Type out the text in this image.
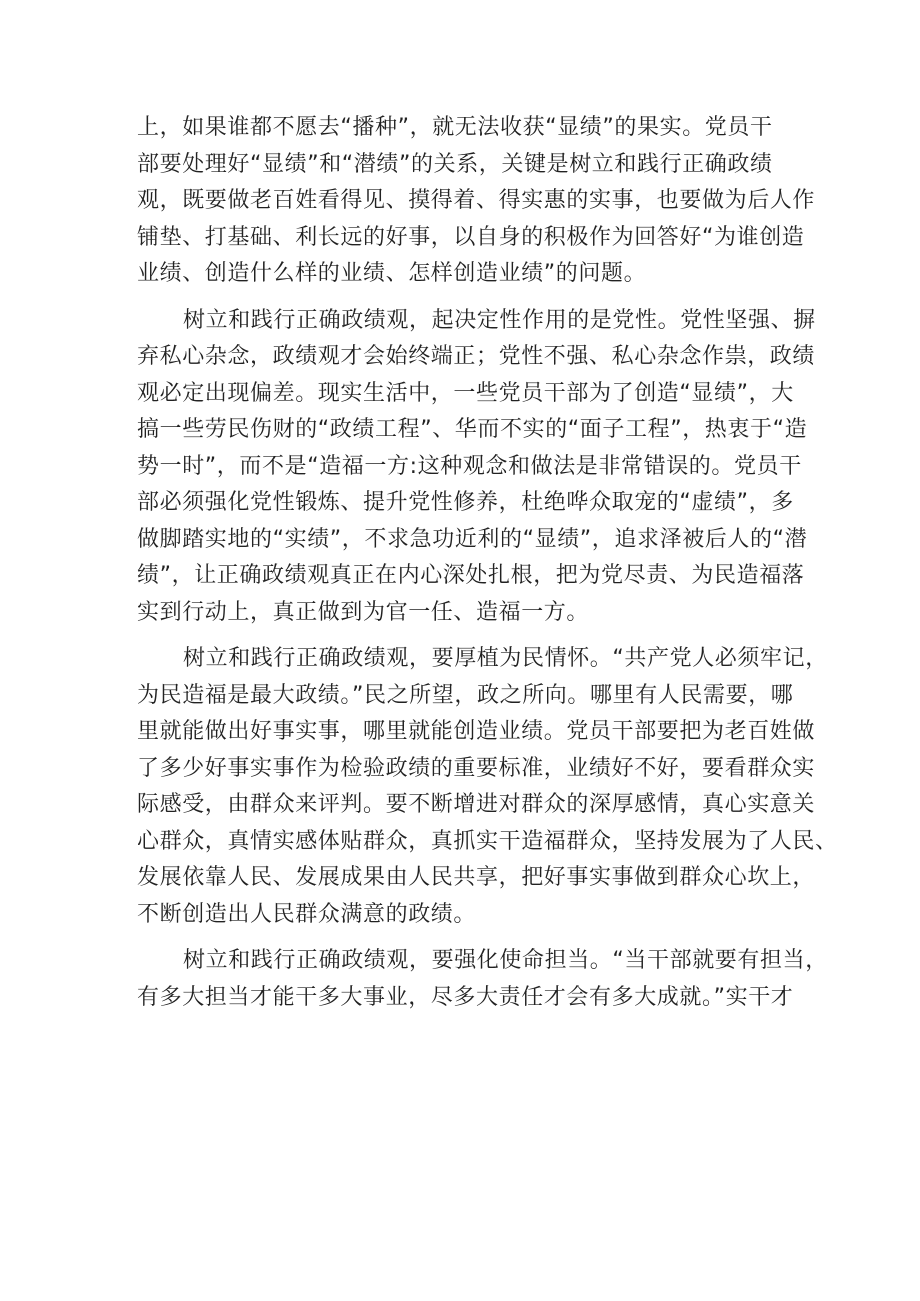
上，如果谁都不愿去“播种”，就无法收获“显绩”的果实。党员干
部要处理好“显绩”和“潜绩”的关系，关键是树立和践行正确政绩
观，既要做老百姓看得见、摸得着、得实惠的实事，也要做为后人作
铺垫、打基础、利长远的好事，以自身的积极作为回答好“为谁创造
业绩、创造什么样的业绩、怎样创造业绩”的问题。
树立和践行正确政绩观，起决定性作用的是党性。党性坚强、摒
弃私心杂念，政绩观才会始终端正；党性不强、私心杂念作祟，政绩
观必定出现偏差。现实生活中，一些党员干部为了创造“显绩”，大
搞一些劳民伤财的“政绩工程”、华而不实的“面子工程”，热衷于“造
势一时”，而不是“造福一方:这种观念和做法是非常错误的。党员干
部必须强化党性锻炼、提升党性修养，杜绝哗众取宠的“虚绩”，多
做脚踏实地的“实绩”，不求急功近利的“显绩”，追求泽被后人的“潜
绩”，让正确政绩观真正在内心深处扎根，把为党尽责、为民造福落
实到行动上，真正做到为官一任、造福一方。
树立和践行正确政绩观，要厚植为民情怀。“共产党人必须牢记，
为民造福是最大政绩。”民之所望，政之所向。哪里有人民需要，哪
里就能做出好事实事，哪里就能创造业绩。党员干部要把为老百姓做
了多少好事实事作为检验政绩的重要标准，业绩好不好，要看群众实
际感受，由群众来评判。要不断增进对群众的深厚感情，真心实意关
心群众，真情实感体贴群众，真抓实干造福群众，坚持发展为了人民、
发展依靠人民、发展成果由人民共享，把好事实事做到群众心坎上，
不断创造出人民群众满意的政绩。
树立和践行正确政绩观，要强化使命担当。“当干部就要有担当，
有多大担当才能干多大事业，尽多大责任才会有多大成就。”实干才
